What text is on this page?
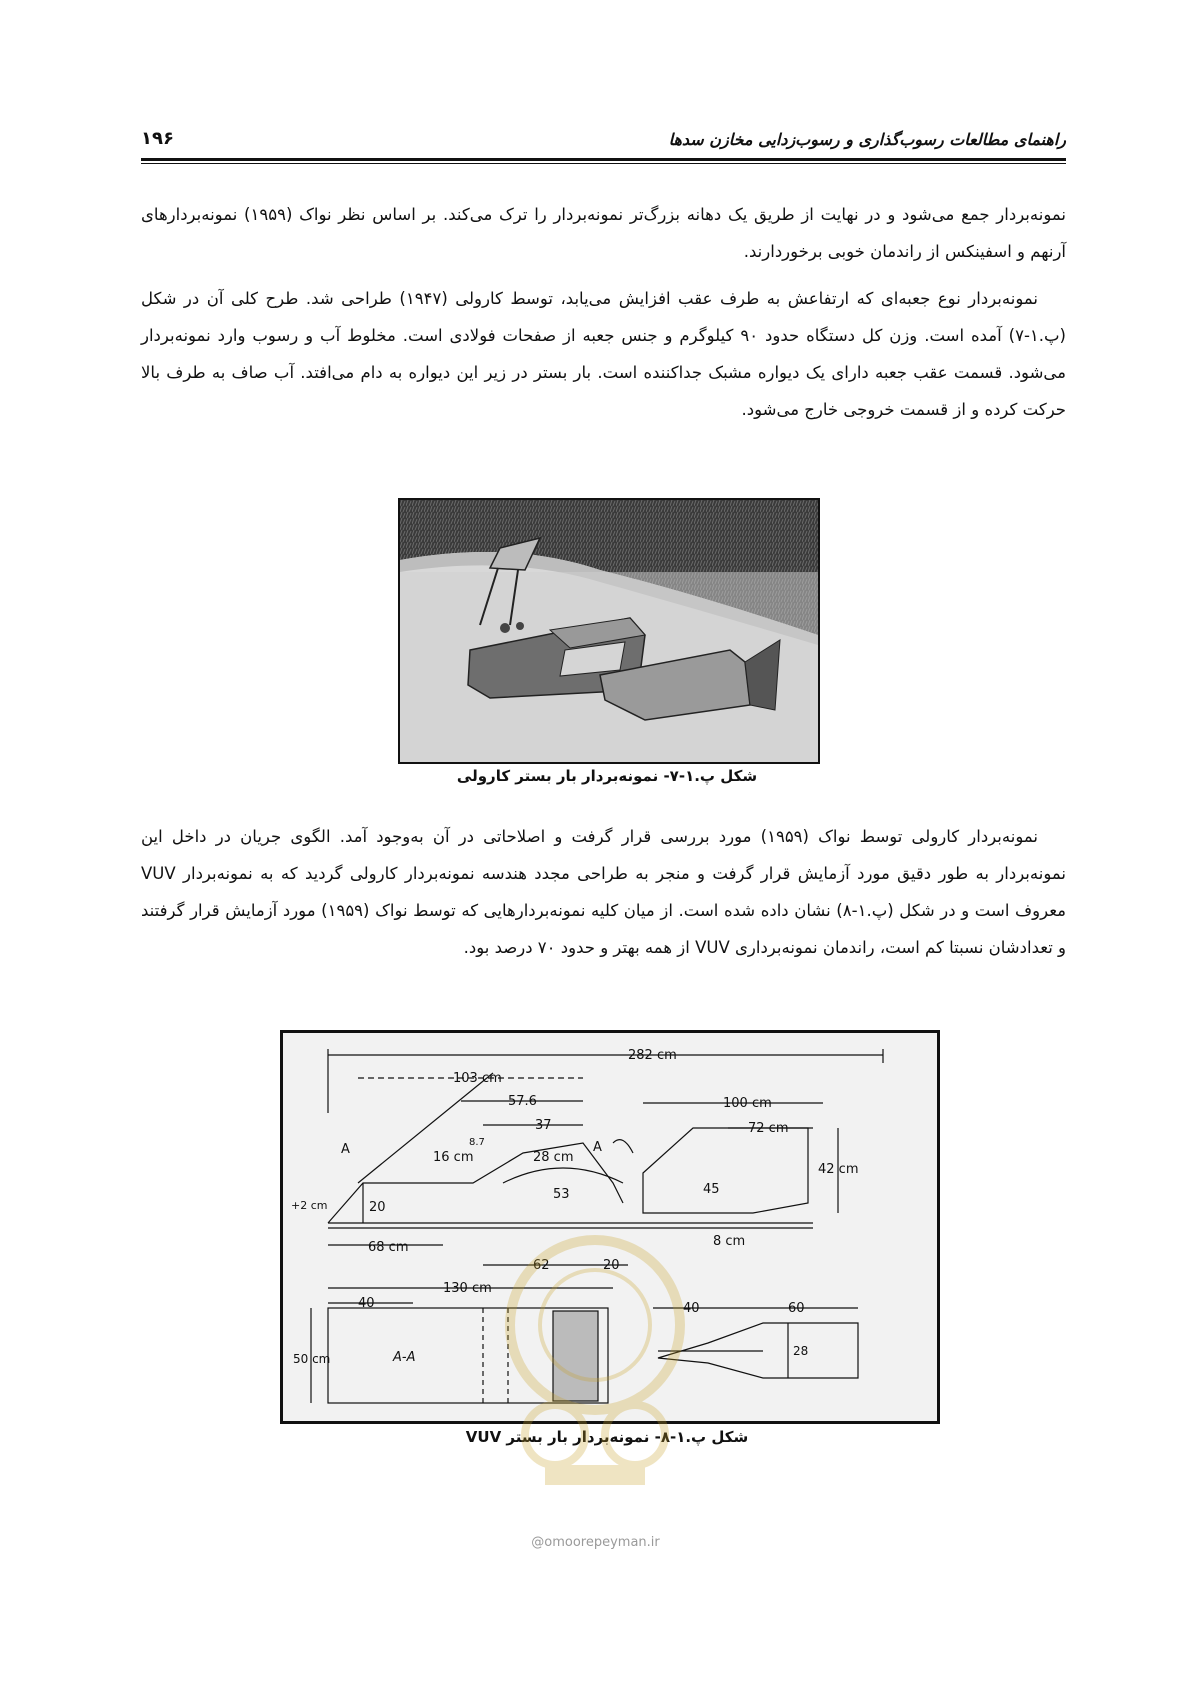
راهنمای مطالعات رسوب‌گذاری و رسوب‌زدایی مخازن سدها
۱۹۶

نمونه‌بردار جمع می‌شود و در نهایت از طریق یک دهانه بزرگ‌تر نمونه‌بردار را ترک می‌کند. بر اساس نظر نواک (۱۹۵۹) نمونه‌بردارهای آرنهم و اسفینکس از راندمان خوبی برخوردارند.

نمونه‌بردار نوع جعبه‌ای که ارتفاعش به طرف عقب افزایش می‌یابد، توسط کارولی (۱۹۴۷) طراحی شد. طرح کلی آن در شکل (پ.۱-۷) آمده است. وزن کل دستگاه حدود ۹۰ کیلوگرم و جنس جعبه از صفحات فولادی است. مخلوط آب و رسوب وارد نمونه‌بردار می‌شود. قسمت عقب جعبه دارای یک دیواره مشبک جداکننده است. بار بستر در زیر این دیواره به دام می‌افتد. آب صاف به طرف بالا حرکت کرده و از قسمت خروجی خارج می‌شود.

شکل پ.۱-۷- نمونه‌بردار بار بستر کارولی

نمونه‌بردار کارولی توسط نواک (۱۹۵۹) مورد بررسی قرار گرفت و اصلاحاتی در آن به‌وجود آمد. الگوی جریان در داخل این نمونه‌بردار به طور دقیق مورد آزمایش قرار گرفت و منجر به طراحی مجدد هندسه نمونه‌بردار کارولی گردید که به نمونه‌بردار VUV معروف است و در شکل (پ.۱-۸) نشان داده شده است. از میان کلیه نمونه‌بردارهایی که توسط نواک (۱۹۵۹) مورد آزمایش قرار گرفتند و تعدادشان نسبتا کم است، راندمان نمونه‌برداری VUV از همه بهتر و حدود ۷۰ درصد بود.

282 cm
103 cm
57.6
37
16 cm
8.7
28 cm
53
20
+2 cm
68 cm
62	20
130 cm
40
50 cm
100 cm
72 cm
42 cm
45
8 cm
40	60
28
A	A
A-A
شکل پ.۱-۸- نمونه‌بردار بار بستر VUV
@omoorepeyman.ir
